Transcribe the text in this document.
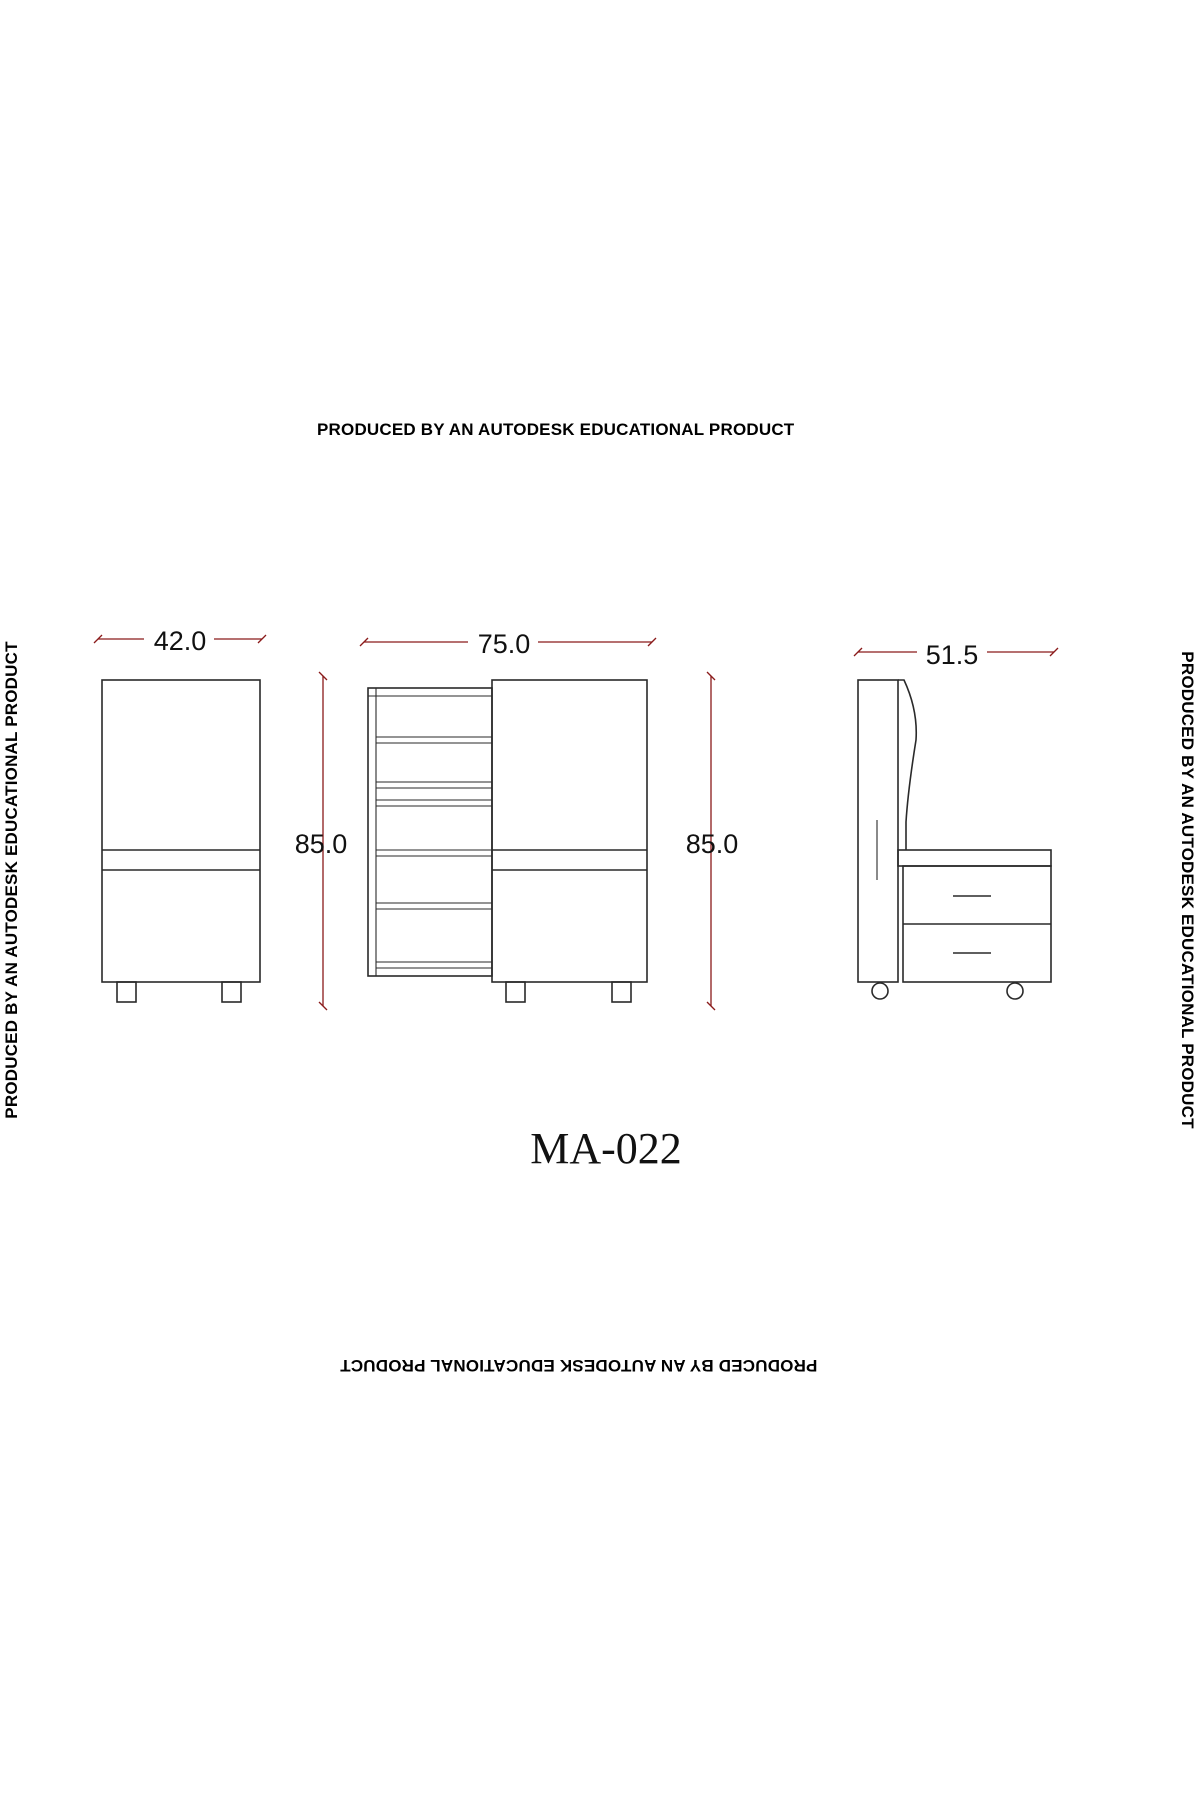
PRODUCED BY AN AUTODESK EDUCATIONAL PRODUCT
PRODUCED BY AN AUTODESK EDUCATIONAL PRODUCT
PRODUCED BY AN AUTODESK EDUCATIONAL PRODUCT	PRODUCED BY AN AUTODESK EDUCATIONAL PRODUCT
42.0
85.0
75.0
85.0
51.5
MA-022
